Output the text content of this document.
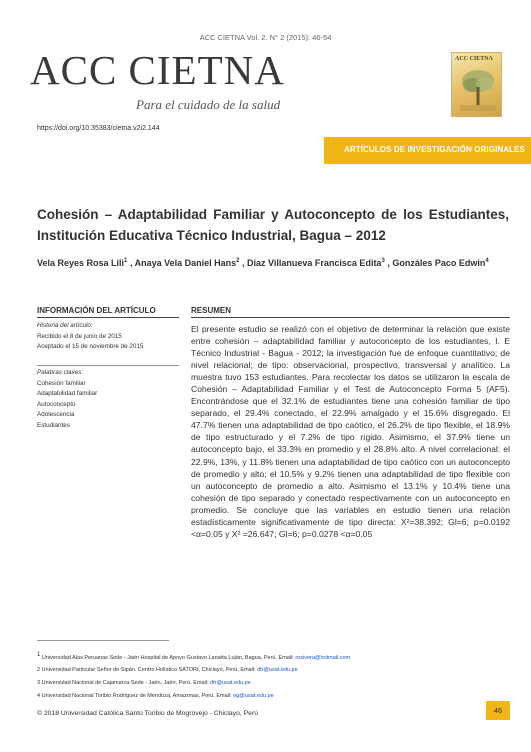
ACC CIETNA Vol. 2. N° 2 (2015): 46-54
ACC CIETNA
Para el cuidado de la salud
ACC CIETNA
https://doi.org/10.35383/cietna.v2i2.144
ARTÍCULOS DE INVESTIGACIÓN ORIGINALES
Cohesión – Adaptabilidad Familiar y Autoconcepto de los Estudiantes, Institución Educativa Técnico Industrial, Bagua – 2012
Vela Reyes Rosa Lili$^1$ , Anaya Vela Daniel Hans$^2$ , Díaz Villanueva Francisca Edita$^3$ , Gonzáles Paco Edwin$^4$
INFORMACIÓN DEL ARTÍCULO	RESUMEN
Historia del artículo:
Recibido el 8 de junio de 2015
Aceptado el 15 de noviembre de 2015
Palabras claves:
Cohesión familiar
Adaptabilidad familiar
Autoconcepto
Adolescencia
Estudiantes
El presente estudio se realizó con el objetivo de determinar la relación que existe entre cohesión – adaptabilidad familiar y autoconcepto de los estudiantes, I. E Técnico Industrial - Bagua - 2012; la investigación fue de enfoque cuantitativo; de nivel relacional; de tipo: observacional, prospectivo, transversal y analítico. La muestra tuvo 153 estudiantes. Para recolectar los datos se utilizaron la escala de Cohesión – Adaptabilidad Familiar y el Test de Autoconcepto Forma 5 (AF5). Encontrándose que el 32.1% de estudiantes tiene una cohesión familiar de tipo separado, el 29.4% conectado, el 22.9% amalgado y el 15.6% disgregado. El 47.7% tienen una adaptabilidad de tipo caótico, el 26.2% de tipo flexible, el 18.9% de tipo estructurado y el 7.2% de tipo rígido. Asimismo, el 37.9% tiene un autoconcepto bajo, el 33.3% en promedio y el 28.8% alto. A nivel correlacional: el 22.9%, 13%, y 11.8% tienen una adaptabilidad de tipo caótico con un autoconcepto de promedio y alto; el 10.5% y 9.2% tienen una adaptabilidad de tipo flexible con un autoconcepto de promedio a alto. Asimismo el 13.1% y 10.4% tiene una cohesión de tipo separado y conectado respectivamente con un autoconcepto en promedio. Se concluye que las variables en estudio tienen una relación estadísticamente significativamente de tipo directa: X²=38.392; Gl=6; p=0.0192 <α=0.05 y X² =26.647; Gl=6; p=0.0278 <α=0.05
$^1$ Universidad Alas Peruanas Sede - Jaén Hospital de Apoyo Gustavo Lanatta Luján, Bagua, Perú. Email: rosivera@hotmail.com
2 Universidad Particular Señor de Sipán. Centro Holístico SATORI, Chiclayo, Perú. Email: dh@usat.edu.pe
3 Universidad Nacional de Cajamarca Sede - Jaén, Jaén, Perú. Email: dfr@usat.edu.pe
4 Universidad Nacional Toribio Rodríguez de Mendoza, Amazonas, Perú. Email: eg@usat.edu.pe
© 2018 Universidad Católica Santo Toribio de Mogrovejo - Chiclayo, Perú	46
